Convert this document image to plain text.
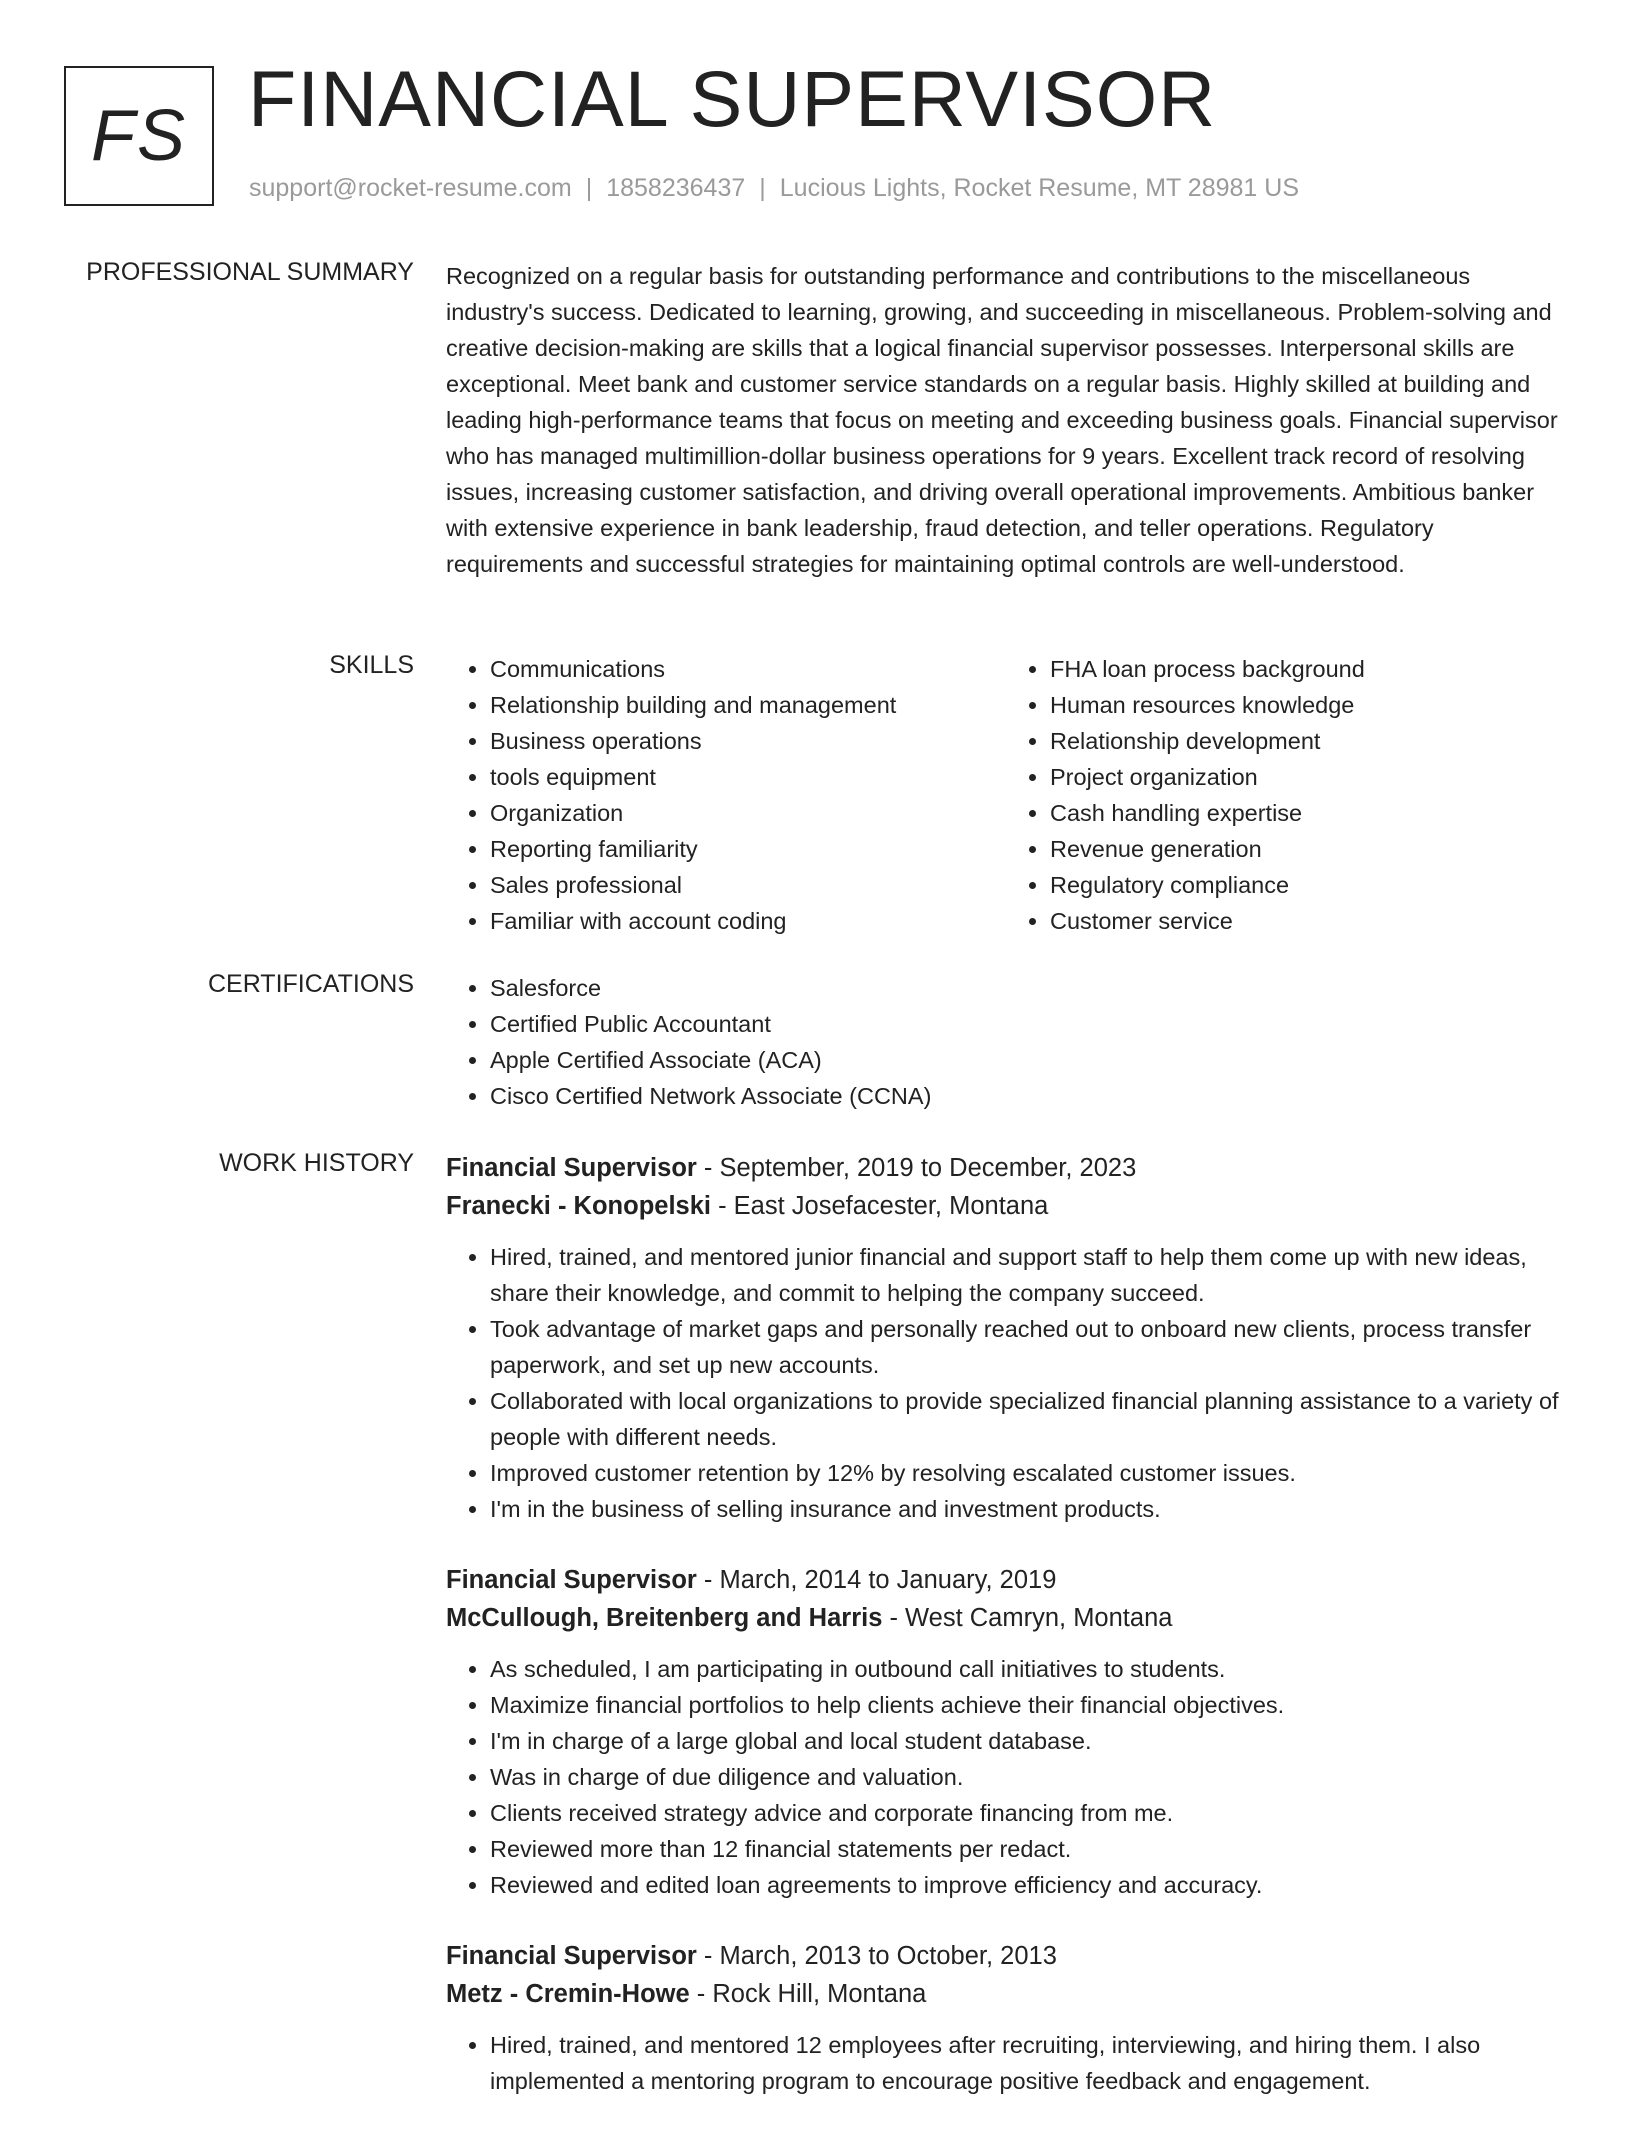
FS FINANCIAL SUPERVISOR
support@rocket-resume.com | 1858236437 | Lucious Lights, Rocket Resume, MT 28981 US
PROFESSIONAL SUMMARY Recognized on a regular basis for outstanding performance and contributions to the miscellaneous industry's success. Dedicated to learning, growing, and succeeding in miscellaneous. Problem-solving and creative decision-making are skills that a logical financial supervisor possesses. Interpersonal skills are exceptional. Meet bank and customer service standards on a regular basis. Highly skilled at building and leading high-performance teams that focus on meeting and exceeding business goals. Financial supervisor who has managed multimillion-dollar business operations for 9 years. Excellent track record of resolving issues, increasing customer satisfaction, and driving overall operational improvements. Ambitious banker with extensive experience in bank leadership, fraud detection, and teller operations. Regulatory requirements and successful strategies for maintaining optimal controls are well-understood.

SKILLS	• Communications
• Relationship building and management
• Business operations
• tools equipment
• Organization
• Reporting familiarity
• Sales professional
• Familiar with account coding
• FHA loan process background
• Human resources knowledge
• Relationship development
• Project organization
• Cash handling expertise
• Revenue generation
• Regulatory compliance
• Customer service
CERTIFICATIONS	• Salesforce
• Certified Public Accountant
• Apple Certified Associate (ACA)
• Cisco Certified Network Associate (CCNA)
WORK HISTORY Financial Supervisor - September, 2019 to December, 2023
Franecki - Konopelski - East Josefacester, Montana
• Hired, trained, and mentored junior financial and support staff to help them come up with new ideas, share their knowledge, and commit to helping the company succeed.
• Took advantage of market gaps and personally reached out to onboard new clients, process transfer paperwork, and set up new accounts.
• Collaborated with local organizations to provide specialized financial planning assistance to a variety of people with different needs.
• Improved customer retention by 12% by resolving escalated customer issues.
• I'm in the business of selling insurance and investment products.
Financial Supervisor - March, 2014 to January, 2019
McCullough, Breitenberg and Harris - West Camryn, Montana
• As scheduled, I am participating in outbound call initiatives to students.
• Maximize financial portfolios to help clients achieve their financial objectives.
• I'm in charge of a large global and local student database.
• Was in charge of due diligence and valuation.
• Clients received strategy advice and corporate financing from me.
• Reviewed more than 12 financial statements per redact.
• Reviewed and edited loan agreements to improve efficiency and accuracy.
Financial Supervisor - March, 2013 to October, 2013
Metz - Cremin-Howe - Rock Hill, Montana
• Hired, trained, and mentored 12 employees after recruiting, interviewing, and hiring them. I also implemented a mentoring program to encourage positive feedback and engagement.
